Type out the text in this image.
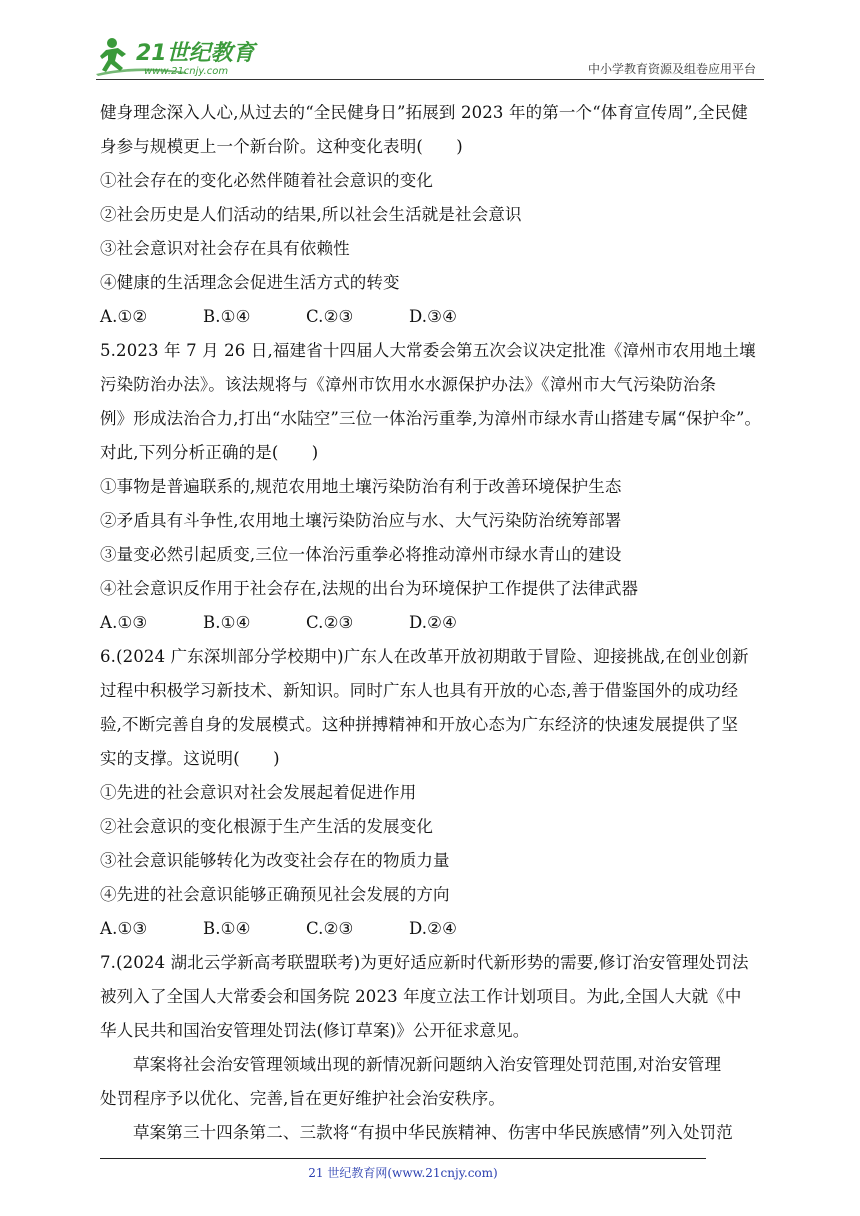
21世纪教育
www.21cnjy.com	中小学教育资源及组卷应用平台
健身理念深入人心,从过去的“全民健身日”拓展到 2023 年的第一个“体育宣传周”,全民健
身参与规模更上一个新台阶。这种变化表明(　　)
①社会存在的变化必然伴随着社会意识的变化
②社会历史是人们活动的结果,所以社会生活就是社会意识
③社会意识对社会存在具有依赖性
④健康的生活理念会促进生活方式的转变
A.①②	B.①④	C.②③	D.③④
5.2023 年 7 月 26 日,福建省十四届人大常委会第五次会议决定批准《漳州市农用地土壤
污染防治办法》。该法规将与《漳州市饮用水水源保护办法》《漳州市大气污染防治条
例》形成法治合力,打出“水陆空”三位一体治污重拳,为漳州市绿水青山搭建专属“保护伞”。
对此,下列分析正确的是(　　)
①事物是普遍联系的,规范农用地土壤污染防治有利于改善环境保护生态
②矛盾具有斗争性,农用地土壤污染防治应与水、大气污染防治统筹部署
③量变必然引起质变,三位一体治污重拳必将推动漳州市绿水青山的建设
④社会意识反作用于社会存在,法规的出台为环境保护工作提供了法律武器
A.①③	B.①④	C.②③	D.②④
6.(2024 广东深圳部分学校期中)广东人在改革开放初期敢于冒险、迎接挑战,在创业创新
过程中积极学习新技术、新知识。同时广东人也具有开放的心态,善于借鉴国外的成功经
验,不断完善自身的发展模式。这种拼搏精神和开放心态为广东经济的快速发展提供了坚
实的支撑。这说明(　　)
①先进的社会意识对社会发展起着促进作用
②社会意识的变化根源于生产生活的发展变化
③社会意识能够转化为改变社会存在的物质力量
④先进的社会意识能够正确预见社会发展的方向
A.①③	B.①④	C.②③	D.②④
7.(2024 湖北云学新高考联盟联考)为更好适应新时代新形势的需要,修订治安管理处罚法
被列入了全国人大常委会和国务院 2023 年度立法工作计划项目。为此,全国人大就《中
华人民共和国治安管理处罚法(修订草案)》公开征求意见。
草案将社会治安管理领域出现的新情况新问题纳入治安管理处罚范围,对治安管理
处罚程序予以优化、完善,旨在更好维护社会治安秩序。
草案第三十四条第二、三款将“有损中华民族精神、伤害中华民族感情”列入处罚范
21 世纪教育网(www.21cnjy.com)
